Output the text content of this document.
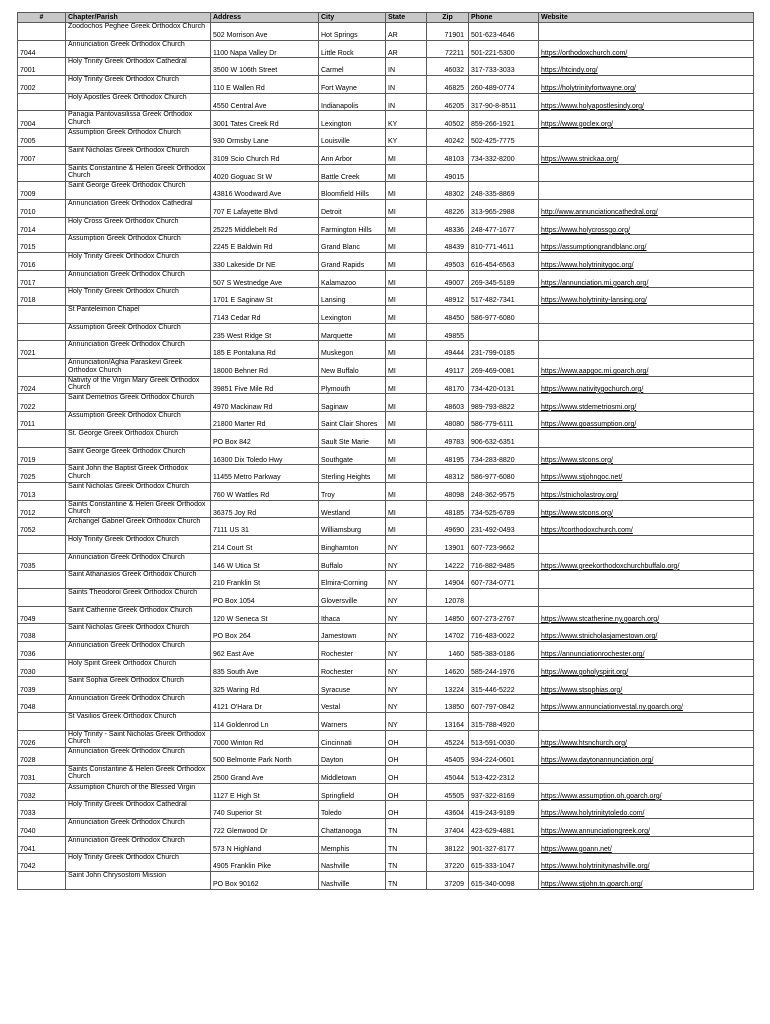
#	Chapter/Parish	Address	City	State	Zip	Phone	Website
	Zoodochos Peghee Greek Orthodox Church	502 Morrison Ave	Hot Springs	AR	71901	501-623-4646	
7044	Annunciation Greek Orthodox Church	1100 Napa Valley Dr	Little Rock	AR	72211	501-221-5300	https://orthodoxchurch.com/
7001	Holy Trinity Greek Orthodox Cathedral	3500 W 106th Street	Carmel	IN	46032	317-733-3033	https://htcindy.org/
7002	Holy Trinity Greek Orthodox Church	110 E Wallen Rd	Fort Wayne	IN	46825	260-489-0774	https://holytrinityfortwayne.org/
	Holy Apostles Greek Orthodox Church	4550 Central Ave	Indianapolis	IN	46205	317-90-8-8511	https://www.holyapostlesindy.org/
7004	Panagia Pantovasilissa Greek Orthodox Church	3001 Tates Creek Rd	Lexington	KY	40502	859-266-1921	https://www.goclex.org/
7005	Assumption Greek Orthodox Church	930 Ormsby Lane	Louisville	KY	40242	502-425-7775	
7007	Saint Nicholas Greek Orthodox Church	3109 Scio Church Rd	Ann Arbor	MI	48103	734-332-8200	https://www.stnickaa.org/
	Saints Constantine & Helen Greek Orthodox Church	4020 Goguac St W	Battle Creek	MI	49015		
7009	Saint George Greek Orthodox Church	43816 Woodward Ave	Bloomfield Hills	MI	48302	248-335-8869	
7010	Annunciation Greek Orthodox Cathedral	707 E Lafayette Blvd	Detroit	MI	48226	313-965-2988	http://www.annunciationcathedral.org/
7014	Holy Cross Greek Orthodox Church	25225 Middlebelt Rd	Farmington Hills	MI	48336	248-477-1677	https://www.holycrossgo.org/
7015	Assumption Greek Orthodox Church	2245 E Baldwin Rd	Grand Blanc	MI	48439	810-771-4611	https://assumptiongrandblanc.org/
7016	Holy Trinity Greek Orthodox Church	330 Lakeside Dr NE	Grand Rapids	MI	49503	616-454-6563	https://www.holytrinitygoc.org/
7017	Annunciation Greek Orthodox Church	507 S Westnedge Ave	Kalamazoo	MI	49007	269-345-5189	https://annunciation.mi.goarch.org/
7018	Holy Trinity Greek Orthodox Church	1701 E Saginaw St	Lansing	MI	48912	517-482-7341	https://www.holytrinity-lansing.org/
	St Panteleimon Chapel	7143 Cedar Rd	Lexington	MI	48450	586-977-6080	
	Assumption Greek Orthodox Church	235 West Ridge St	Marquette	MI	49855		
7021	Annunciation Greek Orthodox Church	185 E Pontaluna Rd	Muskegon	MI	49444	231-799-0185	
	Annunciation/Aghia Paraskevi Greek Orthodox Church	18000 Behner Rd	New Buffalo	MI	49117	269-469-0081	https://www.aapgoc.mi.goarch.org/
7024	Nativity of the Virgin Mary Greek Orthodox Church	39851 Five Mile Rd	Plymouth	MI	48170	734-420-0131	https://www.nativitygochurch.org/
7022	Saint Demetrios Greek Orthodox Church	4970 Mackinaw Rd	Saginaw	MI	48603	989-793-8822	https://www.stdemetriosmi.org/
7011	Assumption Greek Orthodox Church	21800 Marter Rd	Saint Clair Shores	MI	48080	586-779-6111	https://www.goassumption.org/
	St. George Greek Orthodox Church	PO Box 842	Sault Ste Marie	MI	49783	906-632-6351	
7019	Saint George Greek Orthodox Church	16300 Dix Toledo Hwy	Southgate	MI	48195	734-283-8820	https://www.stcons.org/
7025	Saint John the Baptist Greek Orthodox Church	11455 Metro Parkway	Sterling Heights	MI	48312	586-977-6080	https://www.stjohngoc.net/
7013	Saint Nicholas Greek Orthodox Church	760 W Wattles Rd	Troy	MI	48098	248-362-9575	https://stnicholastroy.org/
7012	Saints Constantine & Helen Greek Orthodox Church	36375 Joy Rd	Westland	MI	48185	734-525-6789	https://www.stcons.org/
7052	Archangel Gabriel Greek Orthodox Church	7111 US 31	Williamsburg	MI	49690	231-492-0493	https://tcorthodoxchurch.com/
	Holy Trinity Greek Orthodox Church	214 Court St	Binghamton	NY	13901	607-723-9662	
7035	Annunciation Greek Orthodox Church	146 W Utica St	Buffalo	NY	14222	716-882-9485	https://www.greekorthodoxchurchbuffalo.org/
	Saint Athanasios Greek Orthodox Church	210 Franklin St	Elmira-Corning	NY	14904	607-734-0771	
	Saints Theodoroi Greek Orthodox Church	PO Box 1054	Gloversville	NY	12078		
7049	Saint Catherine Greek Orthodox Church	120 W Seneca St	Ithaca	NY	14850	607-273-2767	https://www.stcatherine.ny.goarch.org/
7038	Saint Nicholas Greek Orthodox Church	PO Box 264	Jamestown	NY	14702	716-483-0022	https://www.stnicholasjamestown.org/
7036	Annunciation Greek Orthodox Church	962 East Ave	Rochester	NY	1460	585-383-0186	https://annunciationrochester.org/
7030	Holy Spirit Greek Orthodox Church	835 South Ave	Rochester	NY	14620	585-244-1976	https://www.goholyspirit.org/
7039	Saint Sophia Greek Orthodox Church	325 Waring Rd	Syracuse	NY	13224	315-446-5222	https://www.stsophias.org/
7048	Annunciation Greek Orthodox Church	4121 O'Hara Dr	Vestal	NY	13850	607-797-0842	https://www.annunciationvestal.ny.goarch.org/
	St Vasilios Greek Orthodox Church	114 Goldenrod Ln	Warners	NY	13164	315-788-4920	
7026	Holy Trinity - Saint Nicholas Greek Orthodox Church	7000 Winton Rd	Cincinnati	OH	45224	513-591-0030	https://www.htsnchurch.org/
7028	Annunciation Greek Orthodox Church	500 Belmonte Park North	Dayton	OH	45405	934-224-0601	https://www.daytonannunciation.org/
7031	Saints Constantine & Helen Greek Orthodox Church	2500 Grand Ave	Middletown	OH	45044	513-422-2312	
7032	Assumption Church of the Blessed Virgin	1127 E High St	Springfield	OH	45505	937-322-8169	https://www.assumption.oh.goarch.org/
7033	Holy Trinity Greek Orthodox Cathedral	740 Superior St	Toledo	OH	43604	419-243-9189	https://www.holytrinitytoledo.com/
7040	Annunciation Greek Orthodox Church	722 Glenwood Dr	Chattanooga	TN	37404	423-629-4881	https://www.annunciationgreek.org/
7041	Annunciation Greek Orthodox Church	573 N Highland	Memphis	TN	38122	901-327-8177	https://www.goann.net/
7042	Holy Trinity Greek Orthodox Church	4905 Franklin Pike	Nashville	TN	37220	615-333-1047	https://www.holytrinitynashville.org/
	Saint John Chrysostom Mission	PO Box 90162	Nashville	TN	37209	615-340-0098	https://www.stjohn.tn.goarch.org/
